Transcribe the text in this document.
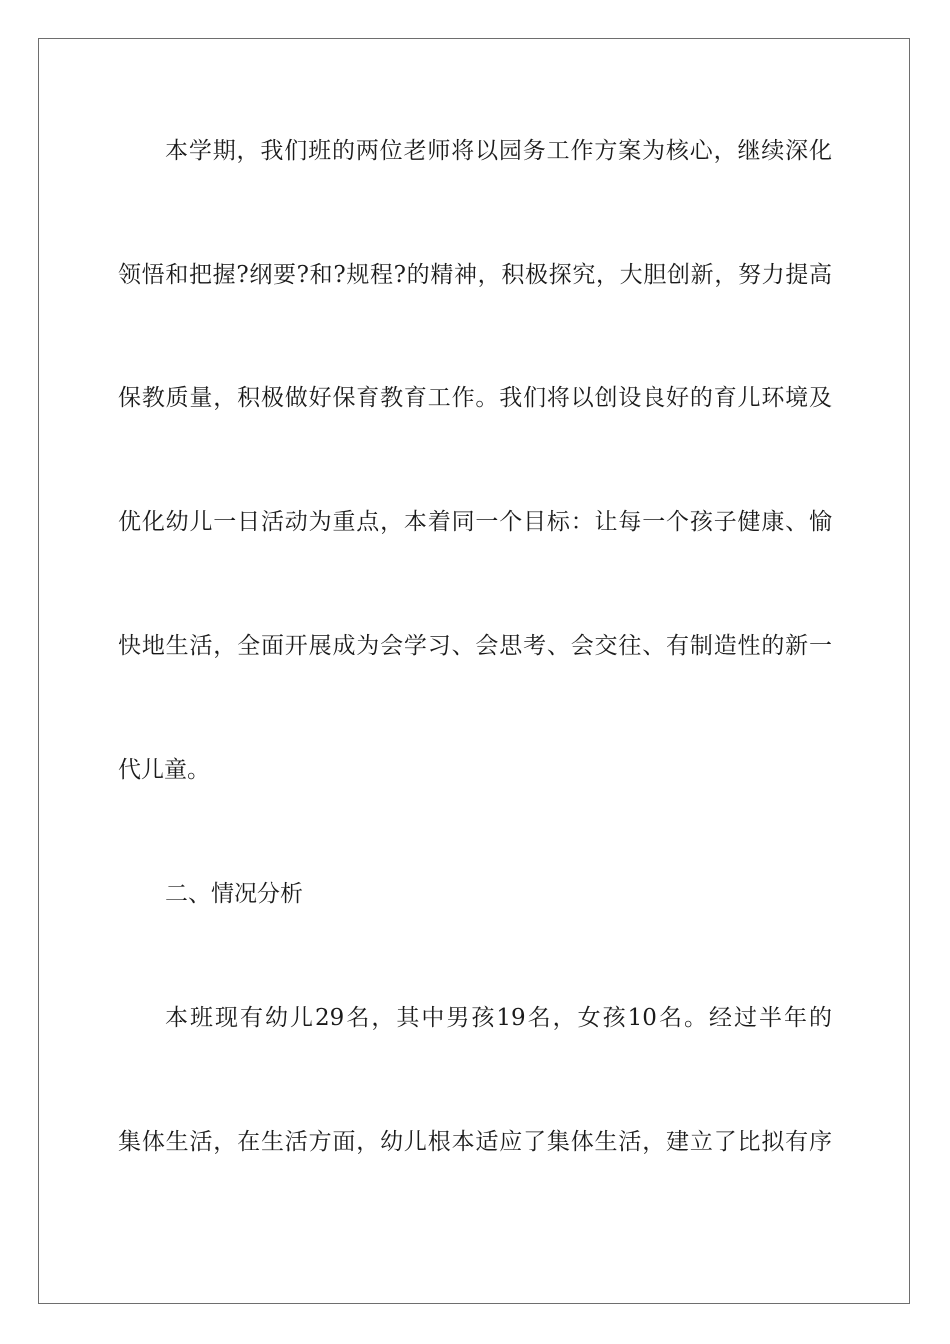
本学期，我们班的两位老师将以园务工作方案为核心，继续深化
领悟和把握?纲要?和?规程?的精神，积极探究，大胆创新，努力提高
保教质量，积极做好保育教育工作。我们将以创设良好的育儿环境及
优化幼儿一日活动为重点，本着同一个目标：让每一个孩子健康、愉
快地生活，全面开展成为会学习、会思考、会交往、有制造性的新一
代儿童。
二、情况分析
本班现有幼儿29名，其中男孩19名，女孩10名。经过半年的
集体生活，在生活方面，幼儿根本适应了集体生活，建立了比拟有序
